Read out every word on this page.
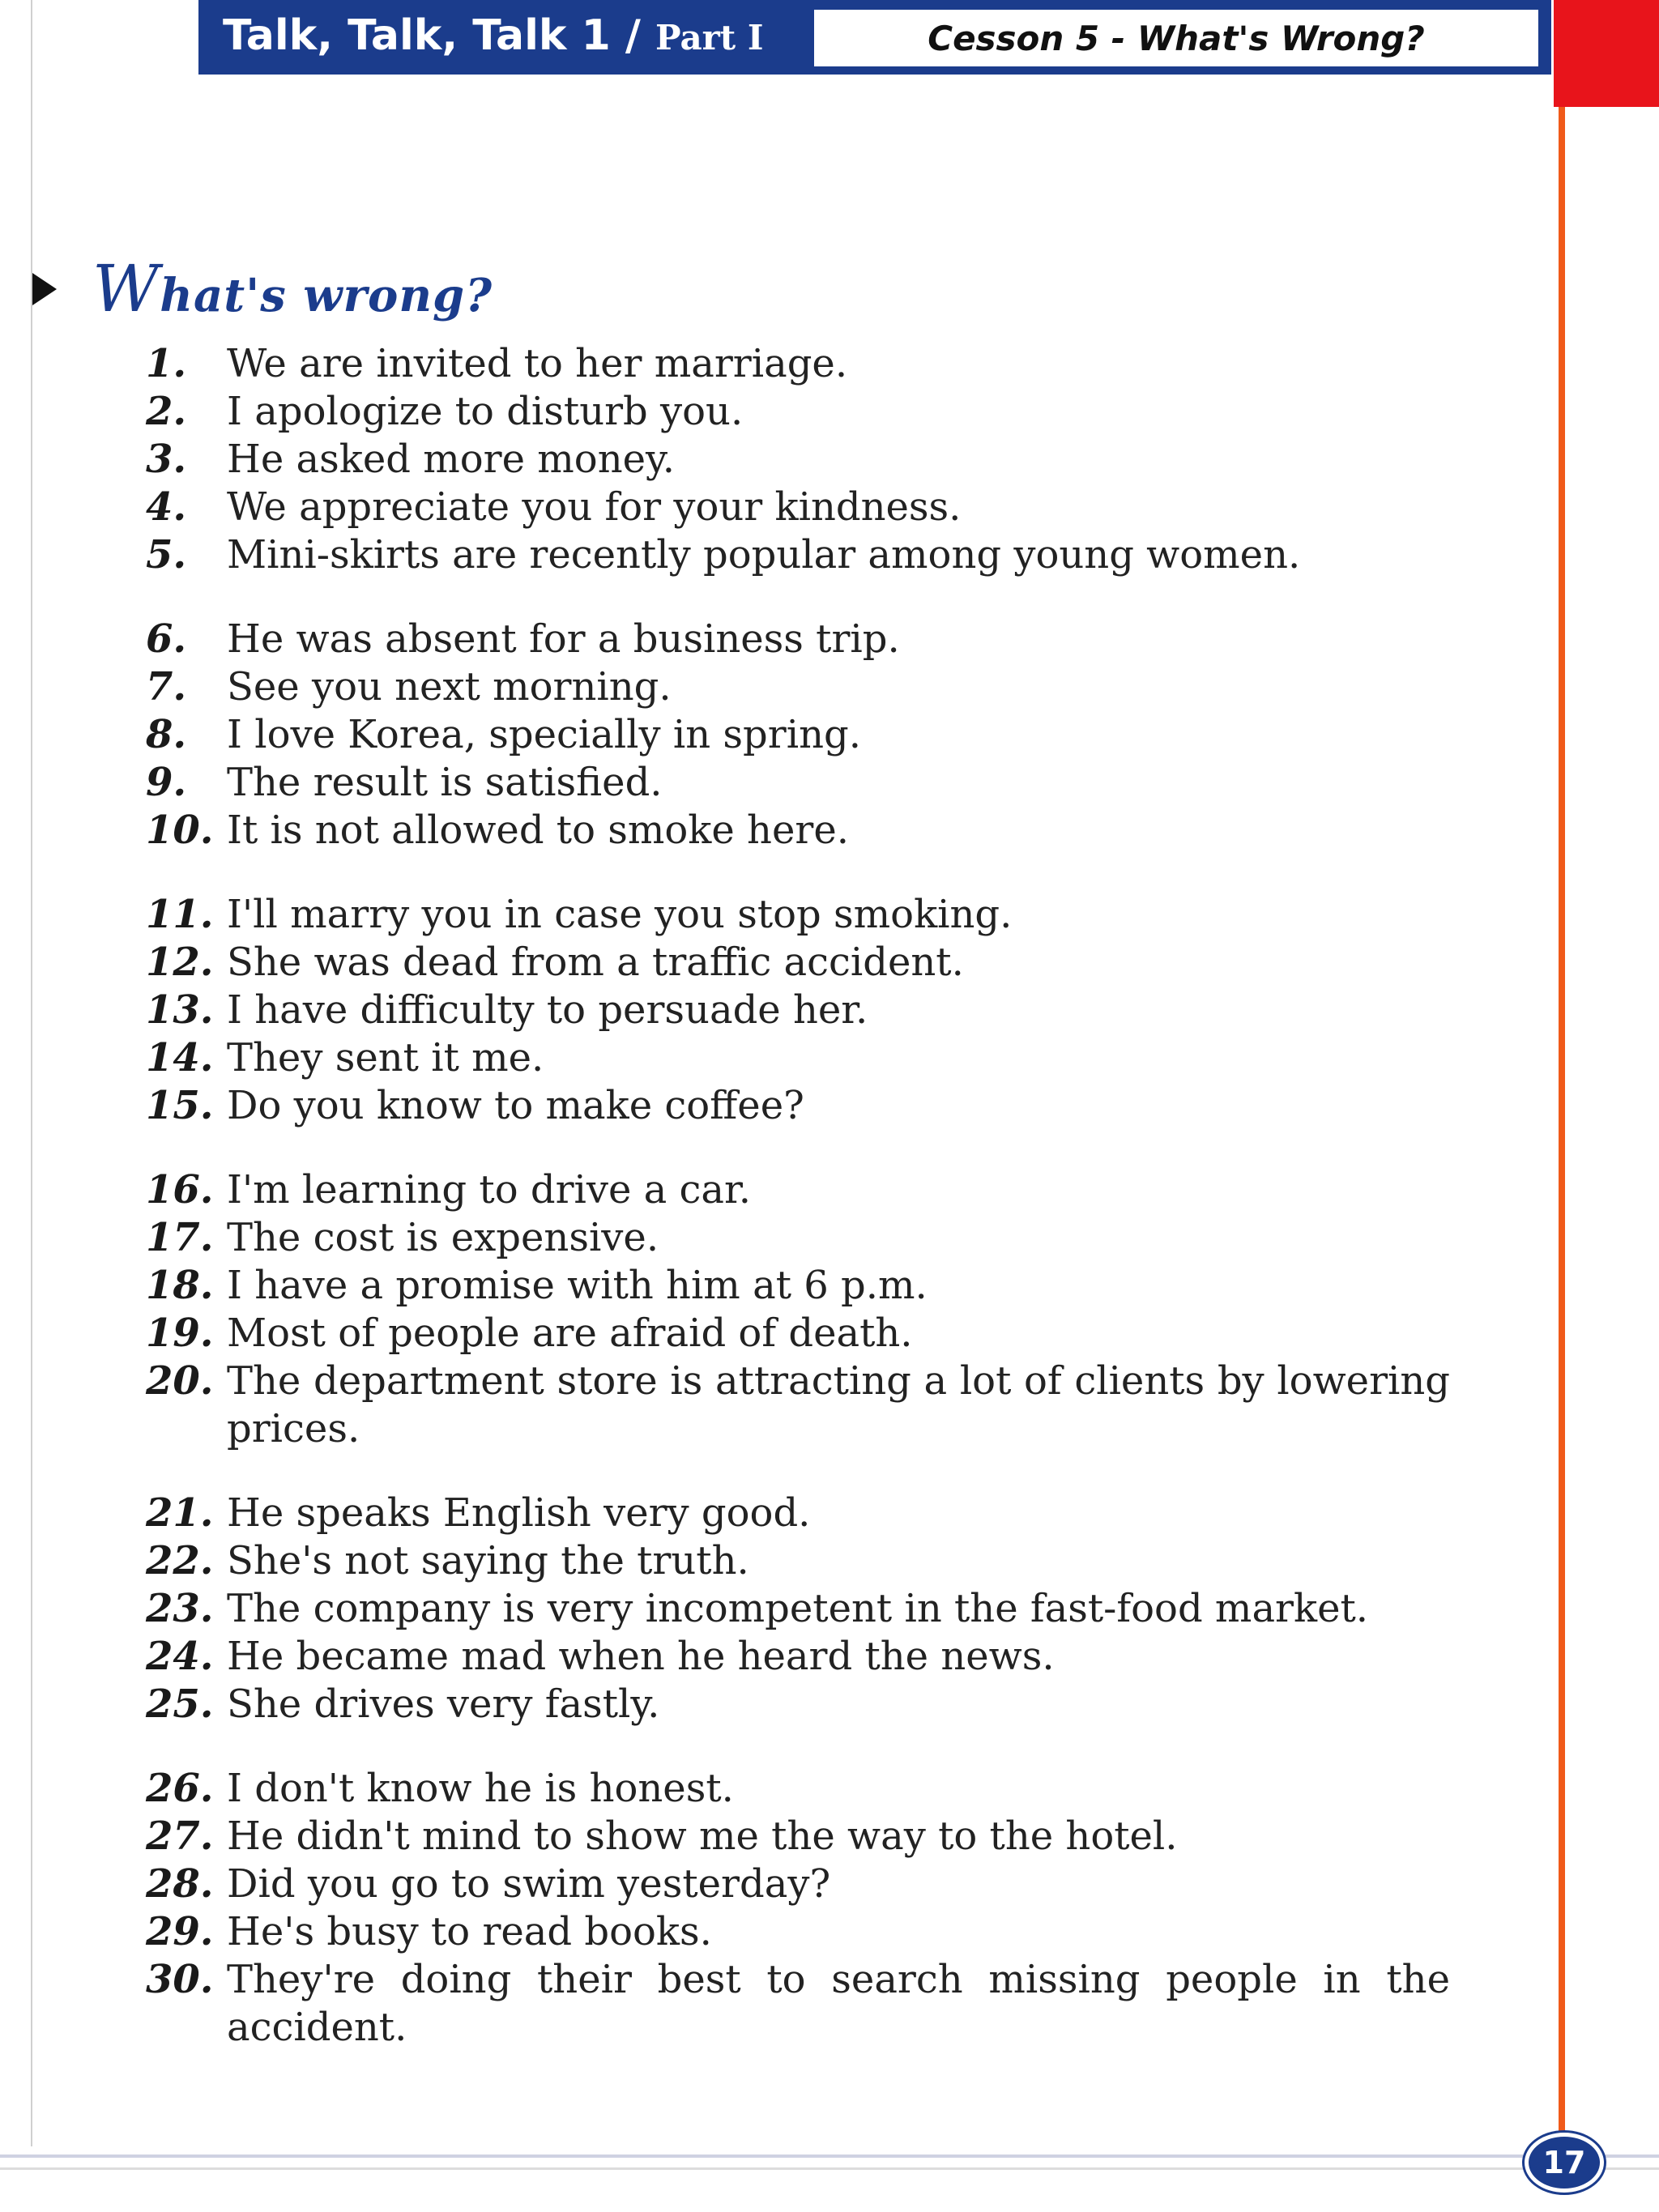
Talk, Talk, Talk 1 / Part I	Cesson 5 - What's Wrong?
What's wrong?
1.	We are invited to her marriage.
2.	I apologize to disturb you.
3.	He asked more money.
4.	We appreciate you for your kindness.
5.	Mini-skirts are recently popular among young women.
6.	He was absent for a business trip.
7.	See you next morning.
8.	I love Korea, specially in spring.
9.	The result is satisfied.
10. It is not allowed to smoke here.
11. I'll marry you in case you stop smoking.
12. She was dead from a traffic accident.
13. I have difficulty to persuade her.
14. They sent it me.
15. Do you know to make coffee?
16. I'm learning to drive a car.
17. The cost is expensive.
18. I have a promise with him at 6 p.m.
19. Most of people are afraid of death.
20. The department store is attracting a lot of clients by lowering prices.
21. He speaks English very good.
22. She's not saying the truth.
23. The company is very incompetent in the fast-food market.
24. He became mad when he heard the news.
25. She drives very fastly.
26. I don't know he is honest.
27. He didn't mind to show me the way to the hotel.
28. Did you go to swim yesterday?
29. He's busy to read books.
30. They're doing their best to search missing people in the accident.
17
